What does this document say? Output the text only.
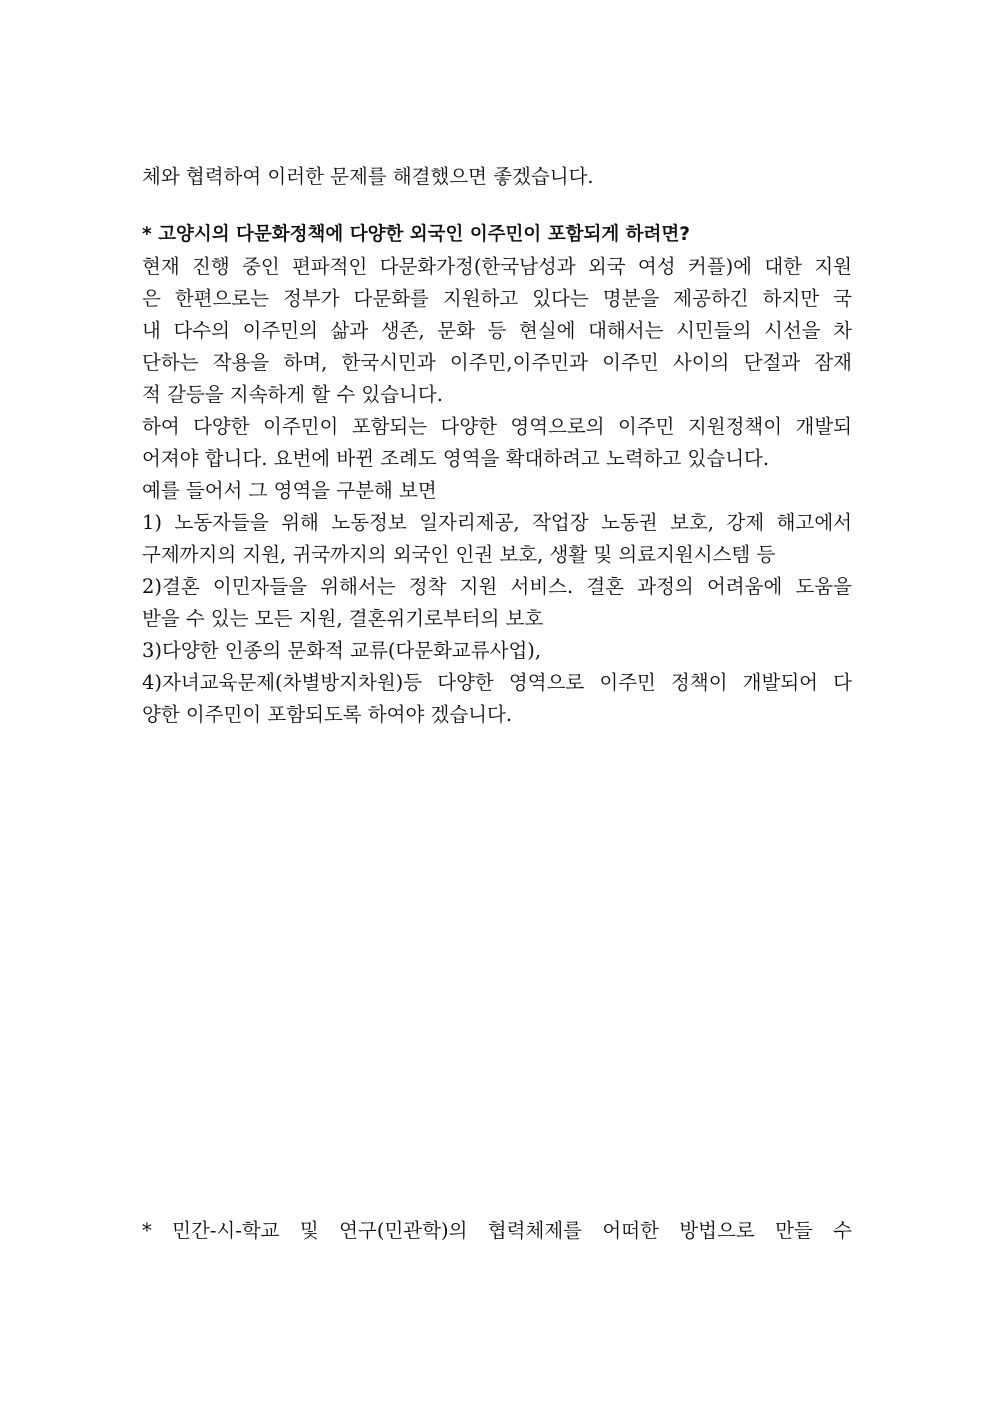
체와 협력하여 이러한 문제를 해결했으면 좋겠습니다.
* 고양시의 다문화정책에 다양한 외국인 이주민이 포함되게 하려면?
현재 진행 중인 편파적인 다문화가정(한국남성과 외국 여성 커플)에 대한 지원
은 한편으로는 정부가 다문화를 지원하고 있다는 명분을 제공하긴 하지만 국
내 다수의 이주민의 삶과 생존, 문화 등 현실에 대해서는 시민들의 시선을 차
단하는 작용을 하며, 한국시민과 이주민,이주민과 이주민 사이의 단절과 잠재
적 갈등을 지속하게 할 수 있습니다.
하여 다양한 이주민이 포함되는 다양한 영역으로의 이주민 지원정책이 개발되
어져야 합니다. 요번에 바뀐 조례도 영역을 확대하려고 노력하고 있습니다.
예를 들어서 그 영역을 구분해 보면
1) 노동자들을 위해 노동정보 일자리제공, 작업장 노동권 보호, 강제 해고에서
구제까지의 지원, 귀국까지의 외국인 인권 보호, 생활 및 의료지원시스템 등
2)결혼 이민자들을 위해서는 정착 지원 서비스. 결혼 과정의 어려움에 도움을
받을 수 있는 모든 지원, 결혼위기로부터의 보호
3)다양한 인종의 문화적 교류(다문화교류사업),
4)자녀교육문제(차별방지차원)등 다양한 영역으로 이주민 정책이 개발되어 다
양한 이주민이 포함되도록 하여야 겠습니다.
* 민간-시-학교 및 연구(민관학)의 협력체제를 어떠한 방법으로 만들 수
